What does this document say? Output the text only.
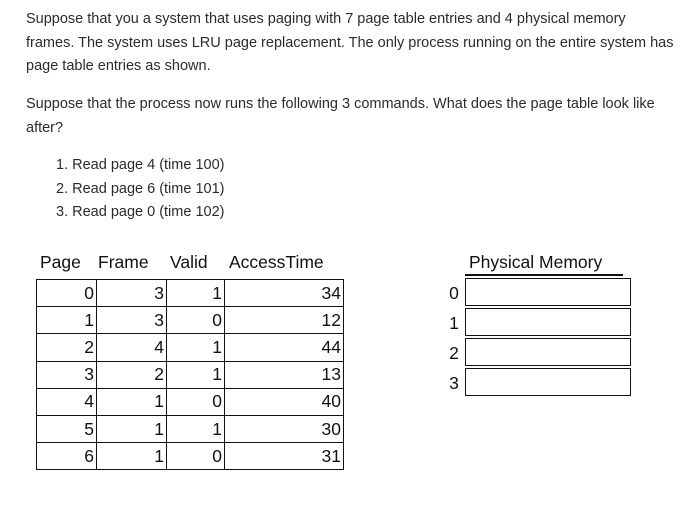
Suppose that you a system that uses paging with 7 page table entries and 4 physical memory frames. The system uses LRU page replacement. The only process running on the entire system has page table entries as shown.

Suppose that the process now runs the following 3 commands. What does the page table look like after?

1. Read page 4 (time 100)
2. Read page 6 (time 101)
3. Read page 0 (time 102)
Page Frame Valid AccessTime
0	3	1	34
1	3	0	12
2	4	1	44
3	2	1	13
4	1	0	40
5	1	1	30
6	1	0	31
Physical Memory
0
1
2
3
